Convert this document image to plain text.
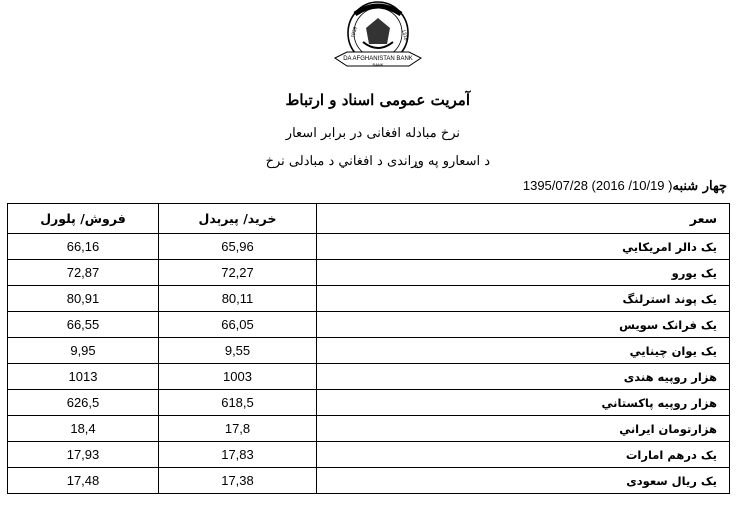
1939	1318
DA AFGHANISTAN BANK
BANK
آمريت عمومی اسناد و ارتباط
نرخ مبادله افغانی در برابر اسعار
د اسعارو په وړاندی د افغاني د مبادلی نرخ
1395/07/28 (2016 /10/19 )چهار شنبه
فروش/ پلورل	خريد/ پيرېدل	سعر
66,16	65,96	يک دالر امريکايي
72,87	72,27	يک يورو
80,91	80,11	يک پوند استرلنگ
66,55	66,05	يک فرانک سويس
9,95	9,55	يک يوان چينايي
1013	1003	هزار روپيه هندی
626,5	618,5	هزار روپيه پاکستاني
18,4	17,8	هزارتومان ايراني
17,93	17,83	يک درهم امارات
17,48	17,38	يک ريال سعودی
